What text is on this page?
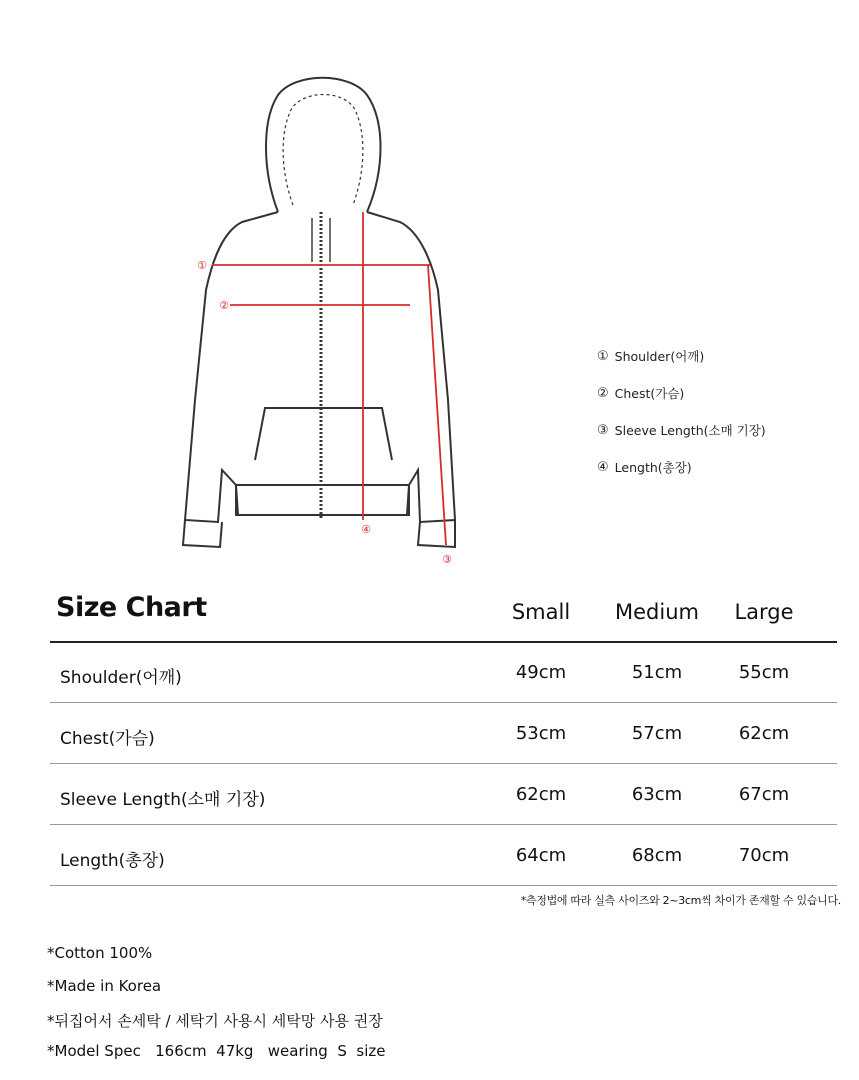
①
②
④
③
① Shoulder(어깨)
② Chest(가슴)
③ Sleeve Length(소매 기장)
④ Length(총장)
Size Chart	Small	Medium	Large
Shoulder(어깨)	49cm	51cm	55cm
Chest(가슴)	53cm	57cm	62cm
Sleeve Length(소매 기장)	62cm	63cm	67cm
Length(총장)	64cm	68cm	70cm
*측정법에 따라 실측 사이즈와 2~3cm씩 차이가 존재할 수 있습니다.
*Cotton 100%
*Made in Korea
*뒤집어서 손세탁 / 세탁기 사용시 세탁망 사용 권장
*Model Spec   166cm  47kg   wearing  S  size
